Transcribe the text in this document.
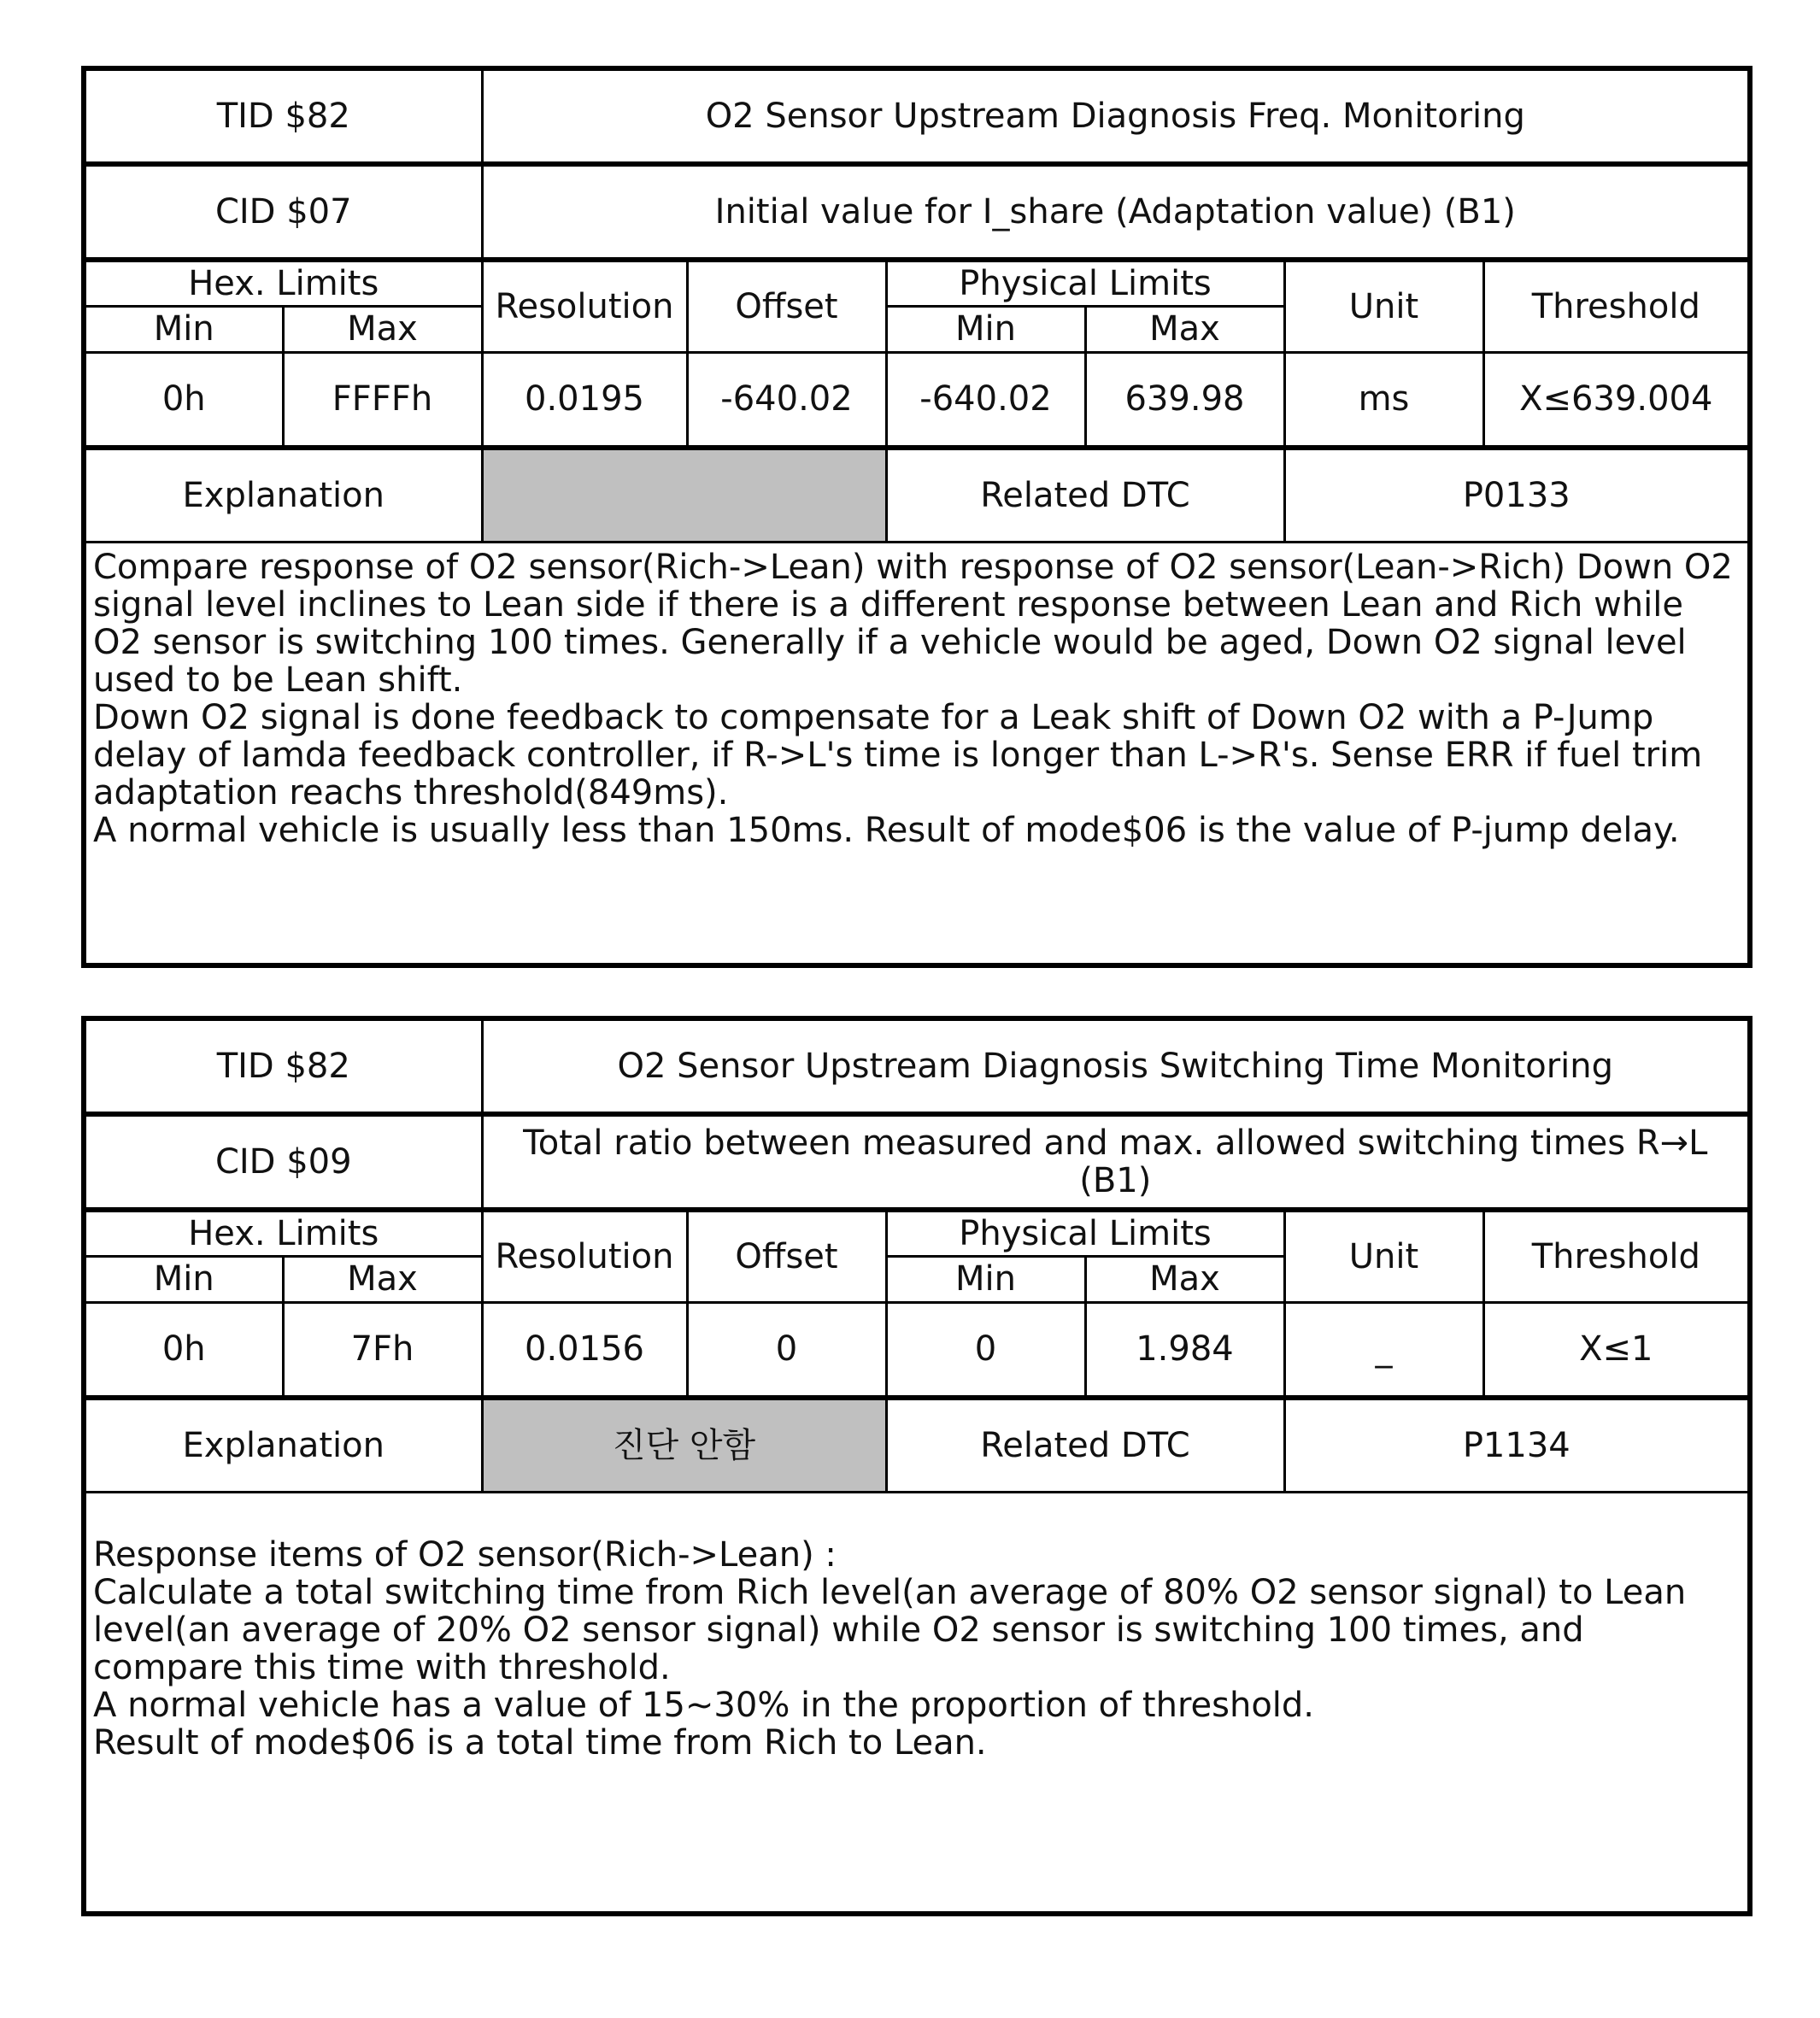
TID $82		O2 Sensor Upstream Diagnosis Freq. Monitoring					
CID $07		Initial value for I_share (Adaptation value) (B1)					
Hex. Limits		Resolution	Offset	Physical Limits		Unit	Threshold
Min	Max			Min	Max		
0h	FFFFh	0.0195	-640.02	-640.02	639.98	ms	X≤639.004
Explanation				Related DTC		P0133	

Compare response of O2 sensor(Rich->Lean) with response of O2 sensor(Lean->Rich) Down O2 signal level inclines to Lean side if there is a different response between Lean and Rich while O2 sensor is switching 100 times. Generally if a vehicle would be aged, Down O2 signal level used to be Lean shift.

Down O2 signal is done feedback to compensate for a Leak shift of Down O2 with a P-Jump delay of lamda feedback controller, if R->L's time is longer than L->R's. Sense ERR if fuel trim adaptation reachs threshold(849ms).

A normal vehicle is usually less than 150ms. Result of mode$06 is the value of P-jump delay.							

TID $82		O2 Sensor Upstream Diagnosis Switching Time Monitoring					
CID $09		Total ratio between measured and max. allowed switching times R→L (B1)					
Hex. Limits		Resolution	Offset	Physical Limits		Unit	Threshold
Min	Max			Min	Max		
0h	7Fh	0.0156	0	0	1.984	_	X≤1
Explanation		진단 안함		Related DTC		P1134	

Response items of O2 sensor(Rich->Lean) :

Calculate a total switching time from Rich level(an average of 80% O2 sensor signal) to Lean level(an average of 20% O2 sensor signal) while O2 sensor is switching 100 times, and compare this time with threshold.

A normal vehicle has a value of 15~30% in the proportion of threshold.

Result of mode$06 is a total time from Rich to Lean.							
